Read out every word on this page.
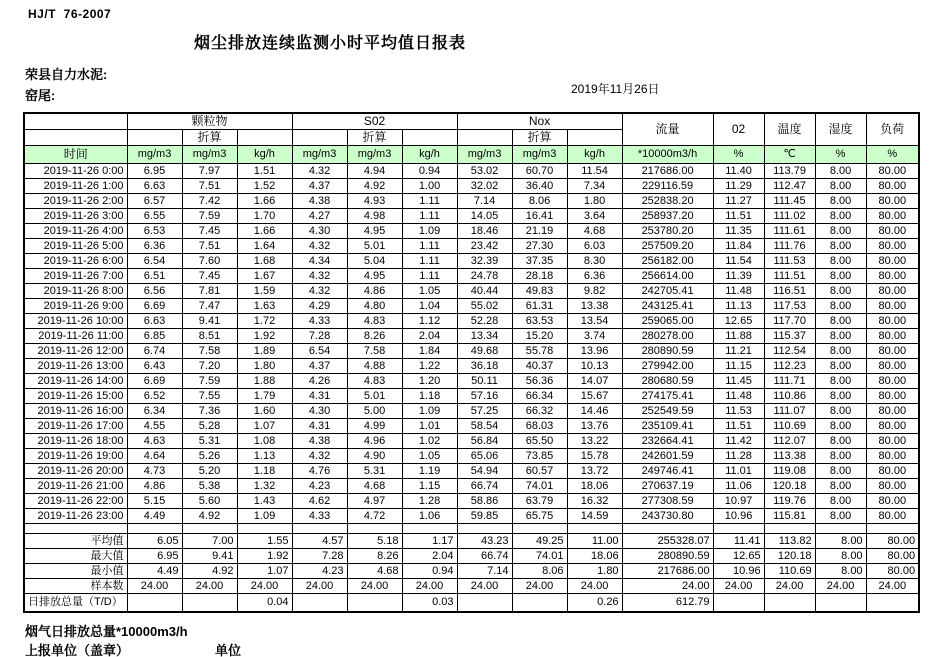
HJ/T  76-2007
烟尘排放连续监测小时平均值日报表
荣县自力水泥:
窑尾:	2019年11月26日
	颗粒物			S02			Nox			流量	02	温度	湿度	负荷
		折算			折算			折算						
时间	mg/m3	mg/m3	kg/h	mg/m3	mg/m3	kg/h	mg/m3	mg/m3	kg/h	*10000m3/h	%	℃	%	%
2019-11-26 0:00	6.95	7.97	1.51	4.32	4.94	0.94	53.02	60.70	11.54	217686.00	11.40	113.79	8.00	80.00
2019-11-26 1:00	6.63	7.51	1.52	4.37	4.92	1.00	32.02	36.40	7.34	229116.59	11.29	112.47	8.00	80.00
2019-11-26 2:00	6.57	7.42	1.66	4.38	4.93	1.11	7.14	8.06	1.80	252838.20	11.27	111.45	8.00	80.00
2019-11-26 3:00	6.55	7.59	1.70	4.27	4.98	1.11	14.05	16.41	3.64	258937.20	11.51	111.02	8.00	80.00
2019-11-26 4:00	6.53	7.45	1.66	4.30	4.95	1.09	18.46	21.19	4.68	253780.20	11.35	111.61	8.00	80.00
2019-11-26 5:00	6.36	7.51	1.64	4.32	5.01	1.11	23.42	27.30	6.03	257509.20	11.84	111.76	8.00	80.00
2019-11-26 6:00	6.54	7.60	1.68	4.34	5.04	1.11	32.39	37.35	8.30	256182.00	11.54	111.53	8.00	80.00
2019-11-26 7:00	6.51	7.45	1.67	4.32	4.95	1.11	24.78	28.18	6.36	256614.00	11.39	111.51	8.00	80.00
2019-11-26 8:00	6.56	7.81	1.59	4.32	4.86	1.05	40.44	49.83	9.82	242705.41	11.48	116.51	8.00	80.00
2019-11-26 9:00	6.69	7.47	1.63	4.29	4.80	1.04	55.02	61.31	13.38	243125.41	11.13	117.53	8.00	80.00
2019-11-26 10:00	6.63	9.41	1.72	4.33	4.83	1.12	52.28	63.53	13.54	259065.00	12.65	117.70	8.00	80.00
2019-11-26 11:00	6.85	8.51	1.92	7.28	8.26	2.04	13.34	15.20	3.74	280278.00	11.88	115.37	8.00	80.00
2019-11-26 12:00	6.74	7.58	1.89	6.54	7.58	1.84	49.68	55.78	13.96	280890.59	11.21	112.54	8.00	80.00
2019-11-26 13:00	6.43	7.20	1.80	4.37	4.88	1.22	36.18	40.37	10.13	279942.00	11.15	112.23	8.00	80.00
2019-11-26 14:00	6.69	7.59	1.88	4.26	4.83	1.20	50.11	56.36	14.07	280680.59	11.45	111.71	8.00	80.00
2019-11-26 15:00	6.52	7.55	1.79	4.31	5.01	1.18	57.16	66.34	15.67	274175.41	11.48	110.86	8.00	80.00
2019-11-26 16:00	6.34	7.36	1.60	4.30	5.00	1.09	57.25	66.32	14.46	252549.59	11.53	111.07	8.00	80.00
2019-11-26 17:00	4.55	5.28	1.07	4.31	4.99	1.01	58.54	68.03	13.76	235109.41	11.51	110.69	8.00	80.00
2019-11-26 18:00	4.63	5.31	1.08	4.38	4.96	1.02	56.84	65.50	13.22	232664.41	11.42	112.07	8.00	80.00
2019-11-26 19:00	4.64	5.26	1.13	4.32	4.90	1.05	65.06	73.85	15.78	242601.59	11.28	113.38	8.00	80.00
2019-11-26 20:00	4.73	5.20	1.18	4.76	5.31	1.19	54.94	60.57	13.72	249746.41	11.01	119.08	8.00	80.00
2019-11-26 21:00	4.86	5.38	1.32	4.23	4.68	1.15	66.74	74.01	18.06	270637.19	11.06	120.18	8.00	80.00
2019-11-26 22:00	5.15	5.60	1.43	4.62	4.97	1.28	58.86	63.79	16.32	277308.59	10.97	119.76	8.00	80.00
2019-11-26 23:00	4.49	4.92	1.09	4.33	4.72	1.06	59.85	65.75	14.59	243730.80	10.96	115.81	8.00	80.00

平均值	6.05	7.00	1.55	4.57	5.18	1.17	43.23	49.25	11.00	255328.07	11.41	113.82	8.00	80.00
最大值	6.95	9.41	1.92	7.28	8.26	2.04	66.74	74.01	18.06	280890.59	12.65	120.18	8.00	80.00
最小值	4.49	4.92	1.07	4.23	4.68	0.94	7.14	8.06	1.80	217686.00	10.96	110.69	8.00	80.00
样本数	24.00	24.00	24.00	24.00	24.00	24.00	24.00	24.00	24.00	24.00	24.00	24.00	24.00	24.00
日排放总量（T/D）			0.04			0.03			0.26	612.79				
烟气日排放总量*10000m3/h
上报单位（盖章）	单位
